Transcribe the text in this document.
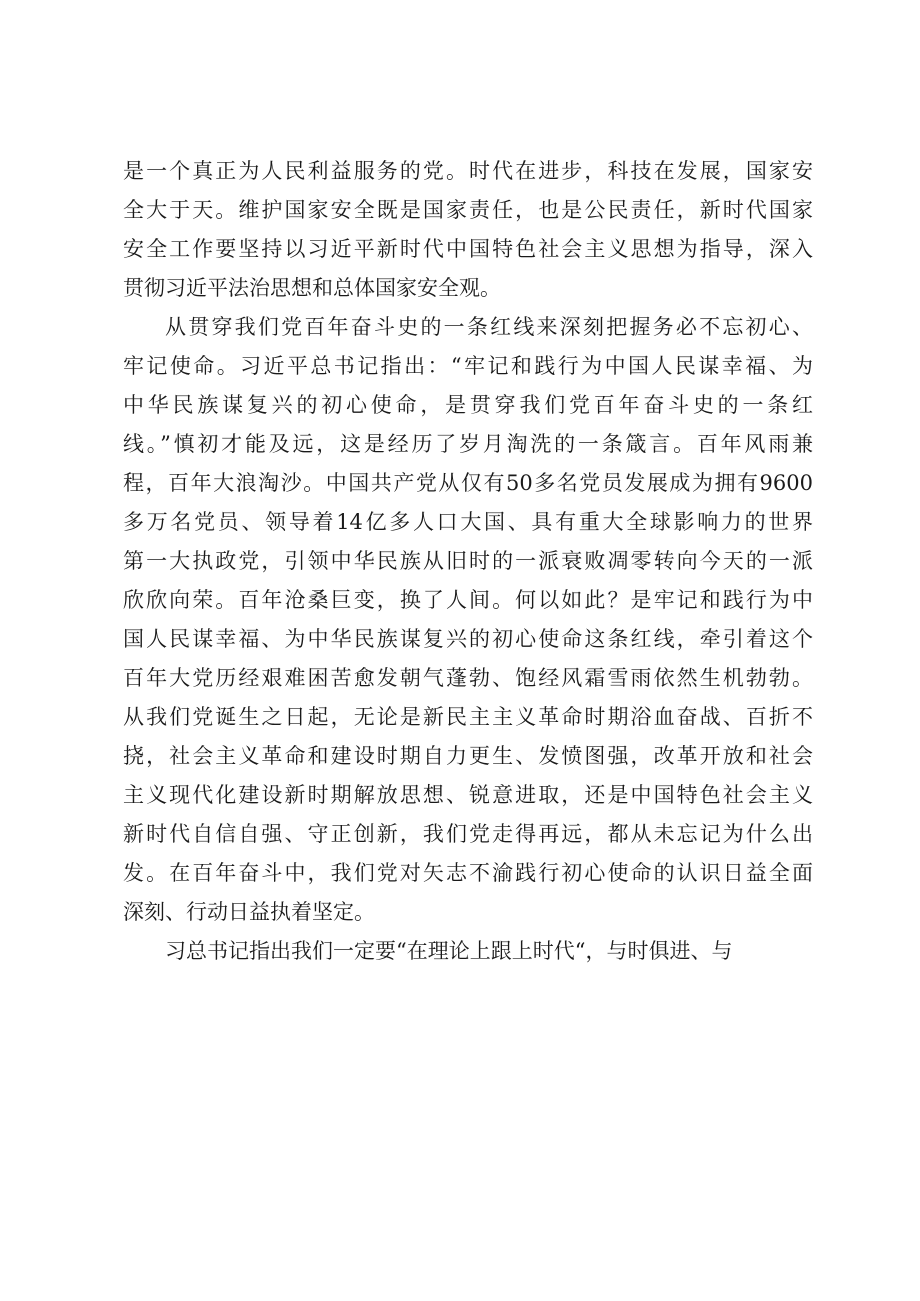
是一个真正为人民利益服务的党。时代在进步，科技在发展，国家安
全大于天。维护国家安全既是国家责任，也是公民责任，新时代国家
安全工作要坚持以习近平新时代中国特色社会主义思想为指导，深入
贯彻习近平法治思想和总体国家安全观。
从贯穿我们党百年奋斗史的一条红线来深刻把握务必不忘初心、
牢记使命。习近平总书记指出：“牢记和践行为中国人民谋幸福、为
中华民族谋复兴的初心使命，是贯穿我们党百年奋斗史的一条红
线。”慎初才能及远，这是经历了岁月淘洗的一条箴言。百年风雨兼
程，百年大浪淘沙。中国共产党从仅有50多名党员发展成为拥有9600
多万名党员、领导着14亿多人口大国、具有重大全球影响力的世界
第一大执政党，引领中华民族从旧时的一派衰败凋零转向今天的一派
欣欣向荣。百年沧桑巨变，换了人间。何以如此？是牢记和践行为中
国人民谋幸福、为中华民族谋复兴的初心使命这条红线，牵引着这个
百年大党历经艰难困苦愈发朝气蓬勃、饱经风霜雪雨依然生机勃勃。
从我们党诞生之日起，无论是新民主主义革命时期浴血奋战、百折不
挠，社会主义革命和建设时期自力更生、发愤图强，改革开放和社会
主义现代化建设新时期解放思想、锐意进取，还是中国特色社会主义
新时代自信自强、守正创新，我们党走得再远，都从未忘记为什么出
发。在百年奋斗中，我们党对矢志不渝践行初心使命的认识日益全面
深刻、行动日益执着坚定。
习总书记指出我们一定要“在理论上跟上时代“，与时俱进、与
